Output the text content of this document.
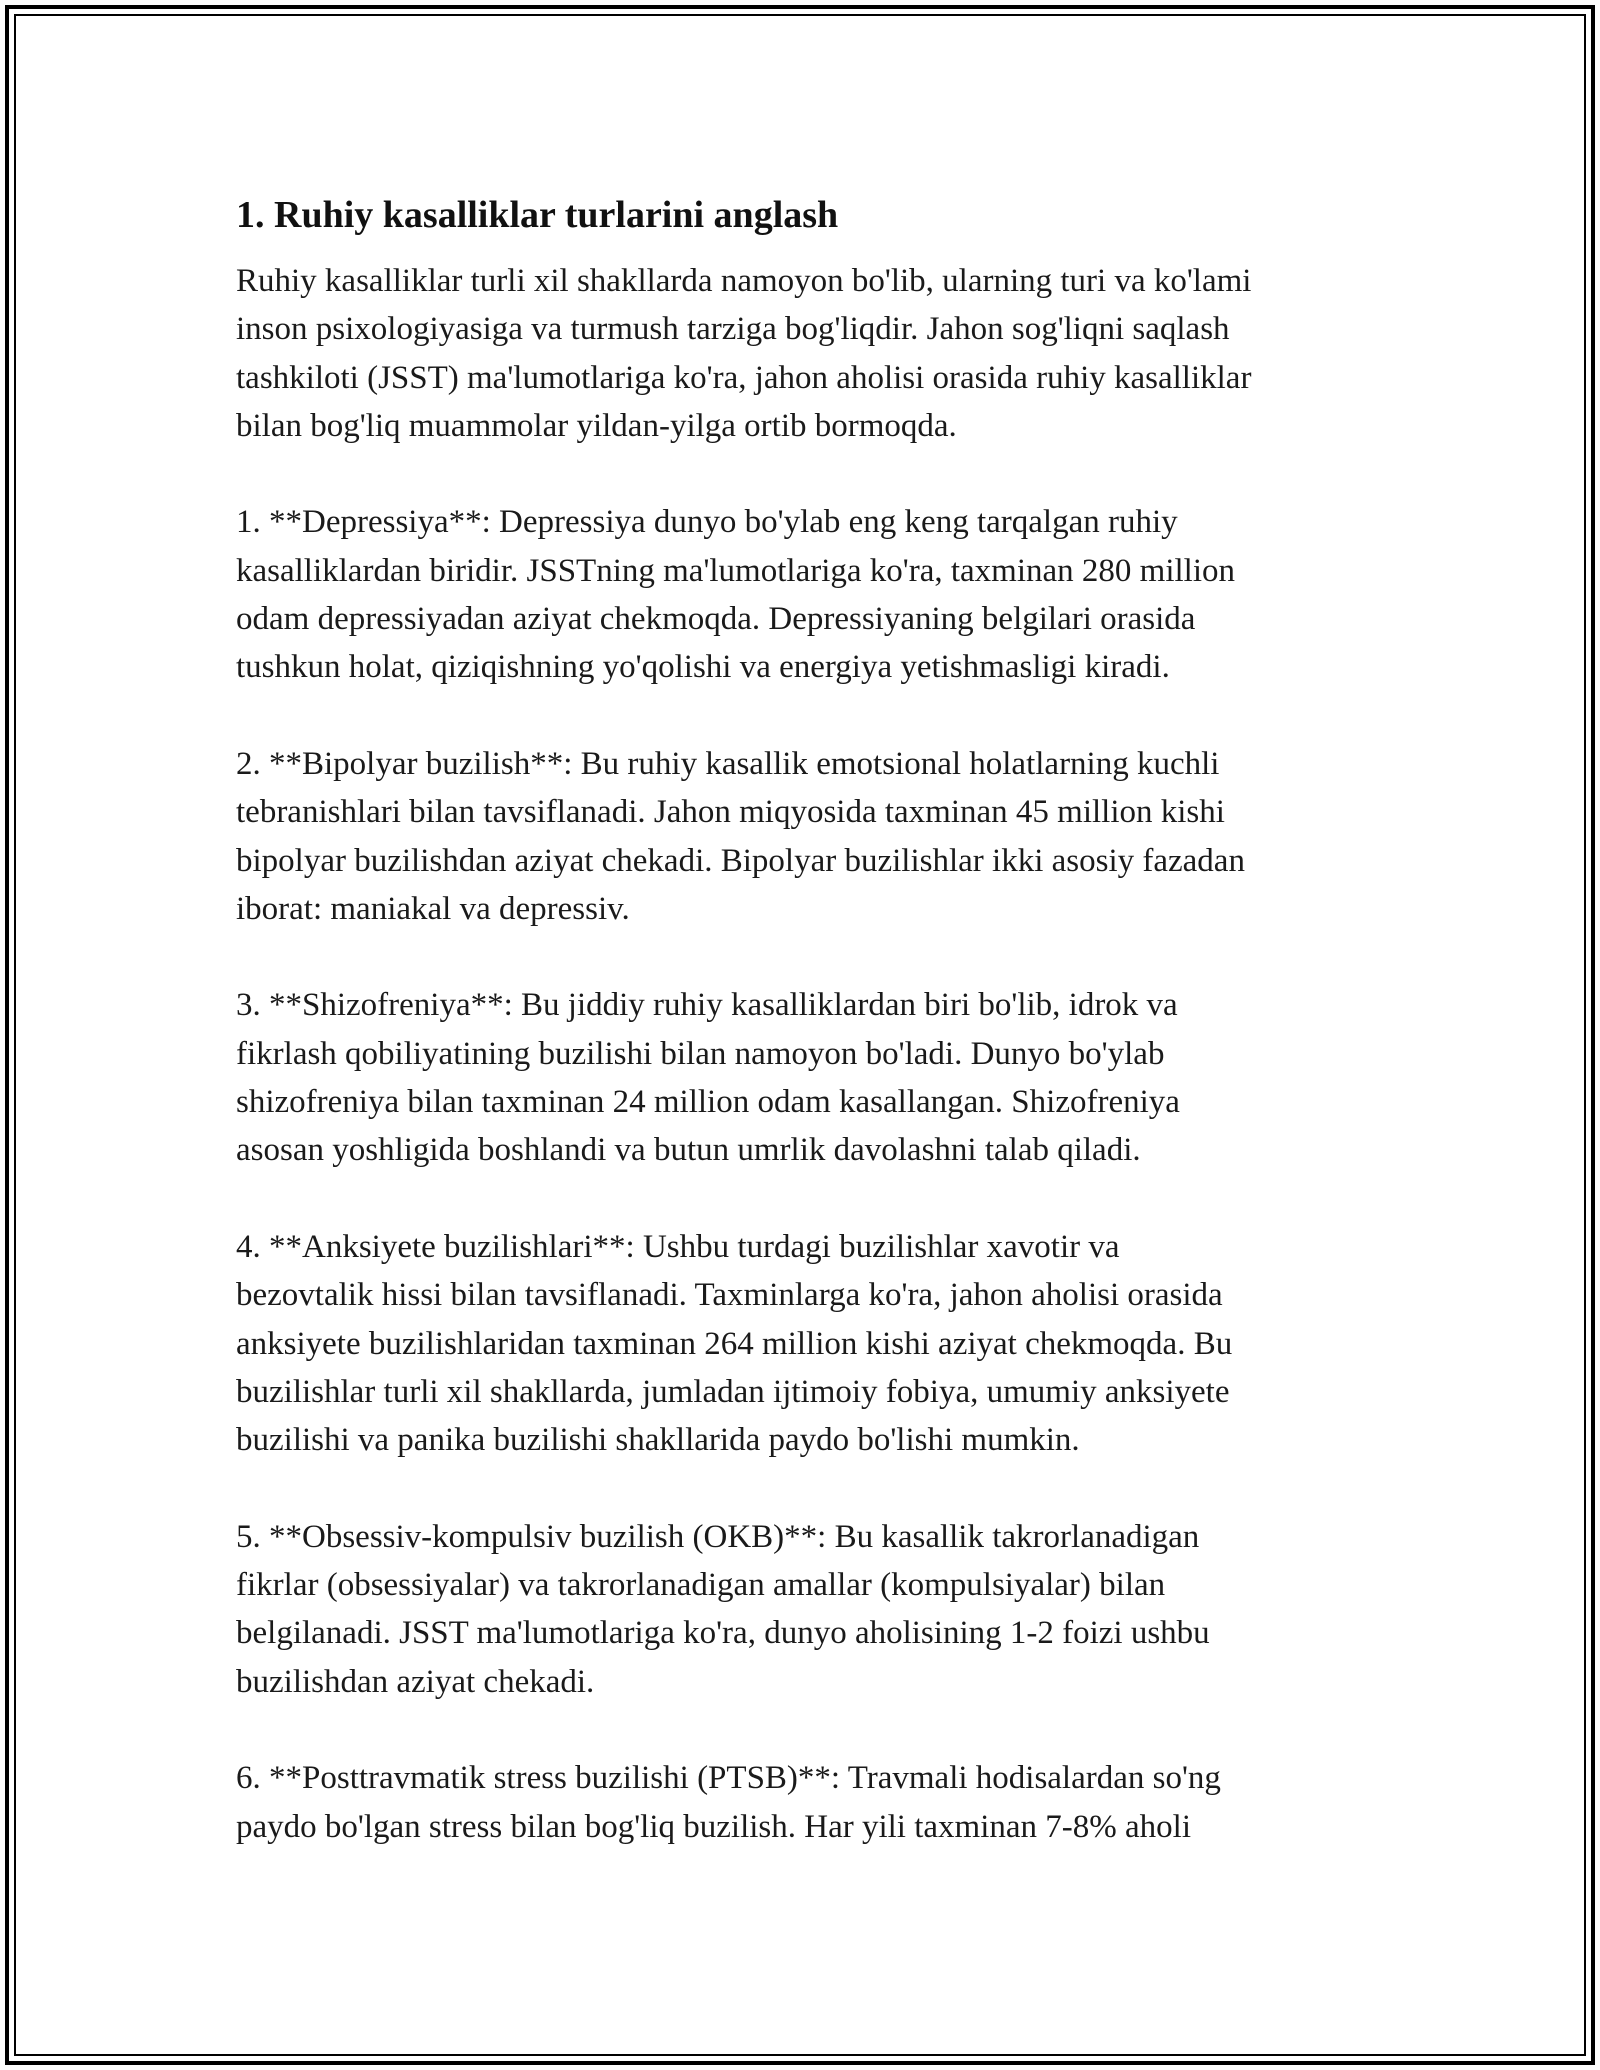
1. Ruhiy kasalliklar turlarini anglash

Ruhiy kasalliklar turli xil shakllarda namoyon bo'lib, ularning turi va ko'lami
inson psixologiyasiga va turmush tarziga bog'liqdir. Jahon sog'liqni saqlash
tashkiloti (JSST) ma'lumotlariga ko'ra, jahon aholisi orasida ruhiy kasalliklar
bilan bog'liq muammolar yildan-yilga ortib bormoqda.

1. **Depressiya**: Depressiya dunyo bo'ylab eng keng tarqalgan ruhiy
kasalliklardan biridir. JSSTning ma'lumotlariga ko'ra, taxminan 280 million
odam depressiyadan aziyat chekmoqda. Depressiyaning belgilari orasida
tushkun holat, qiziqishning yo'qolishi va energiya yetishmasligi kiradi.

2. **Bipolyar buzilish**: Bu ruhiy kasallik emotsional holatlarning kuchli
tebranishlari bilan tavsiflanadi. Jahon miqyosida taxminan 45 million kishi
bipolyar buzilishdan aziyat chekadi. Bipolyar buzilishlar ikki asosiy fazadan
iborat: maniakal va depressiv.

3. **Shizofreniya**: Bu jiddiy ruhiy kasalliklardan biri bo'lib, idrok va
fikrlash qobiliyatining buzilishi bilan namoyon bo'ladi. Dunyo bo'ylab
shizofreniya bilan taxminan 24 million odam kasallangan. Shizofreniya
asosan yoshligida boshlandi va butun umrlik davolashni talab qiladi.

4. **Anksiyete buzilishlari**: Ushbu turdagi buzilishlar xavotir va
bezovtalik hissi bilan tavsiflanadi. Taxminlarga ko'ra, jahon aholisi orasida
anksiyete buzilishlaridan taxminan 264 million kishi aziyat chekmoqda. Bu
buzilishlar turli xil shakllarda, jumladan ijtimoiy fobiya, umumiy anksiyete
buzilishi va panika buzilishi shakllarida paydo bo'lishi mumkin.

5. **Obsessiv-kompulsiv buzilish (OKB)**: Bu kasallik takrorlanadigan
fikrlar (obsessiyalar) va takrorlanadigan amallar (kompulsiyalar) bilan
belgilanadi. JSST ma'lumotlariga ko'ra, dunyo aholisining 1-2 foizi ushbu
buzilishdan aziyat chekadi.

6. **Posttravmatik stress buzilishi (PTSB)**: Travmali hodisalardan so'ng
paydo bo'lgan stress bilan bog'liq buzilish. Har yili taxminan 7-8% aholi
